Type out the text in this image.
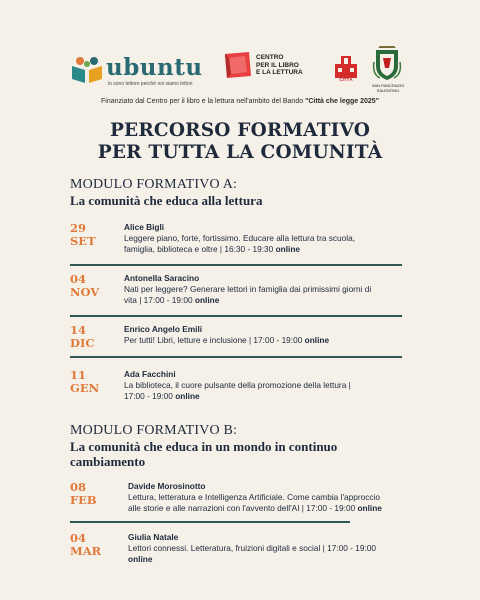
ubuntu
io sono lettore perché noi siamo lettori
CENTRO
PER IL LIBRO
E LA LETTURA
CITTÀ
SAN PANCRAZIO
SALENTINO
Finanziato dal Centro per il libro e la lettura nell'ambito del Bando "Città che legge 2025"
PERCORSO FORMATIVO
PER TUTTA LA COMUNITÀ
MODULO FORMATIVO A:
La comunità che educa alla lettura
29
SET
Alice Bigli
Leggere piano, forte, fortissimo. Educare alla lettura tra scuola,
famiglia, biblioteca e oltre | 16:30 - 19:30 online
04
NOV
Antonella Saracino
Nati per leggere? Generare lettori in famiglia dai primissimi giorni di
vita | 17:00 - 19:00 online
14
DIC
Enrico Angelo Emili
Per tutti! Libri, letture e inclusione | 17:00 - 19:00 online
11
GEN
Ada Facchini
La biblioteca, il cuore pulsante della promozione della lettura |
17:00 - 19:00 online
MODULO FORMATIVO B:
La comunità che educa in un mondo in continuo
cambiamento
08
FEB
Davide Morosinotto
Lettura, letteratura e Intelligenza Artificiale. Come cambia l'approccio
alle storie e alle narrazioni con l'avvento dell'AI | 17:00 - 19:00 online
04
MAR
Giulia Natale
Lettori connessi. Letteratura, fruizioni digitali e social | 17:00 - 19:00
online
